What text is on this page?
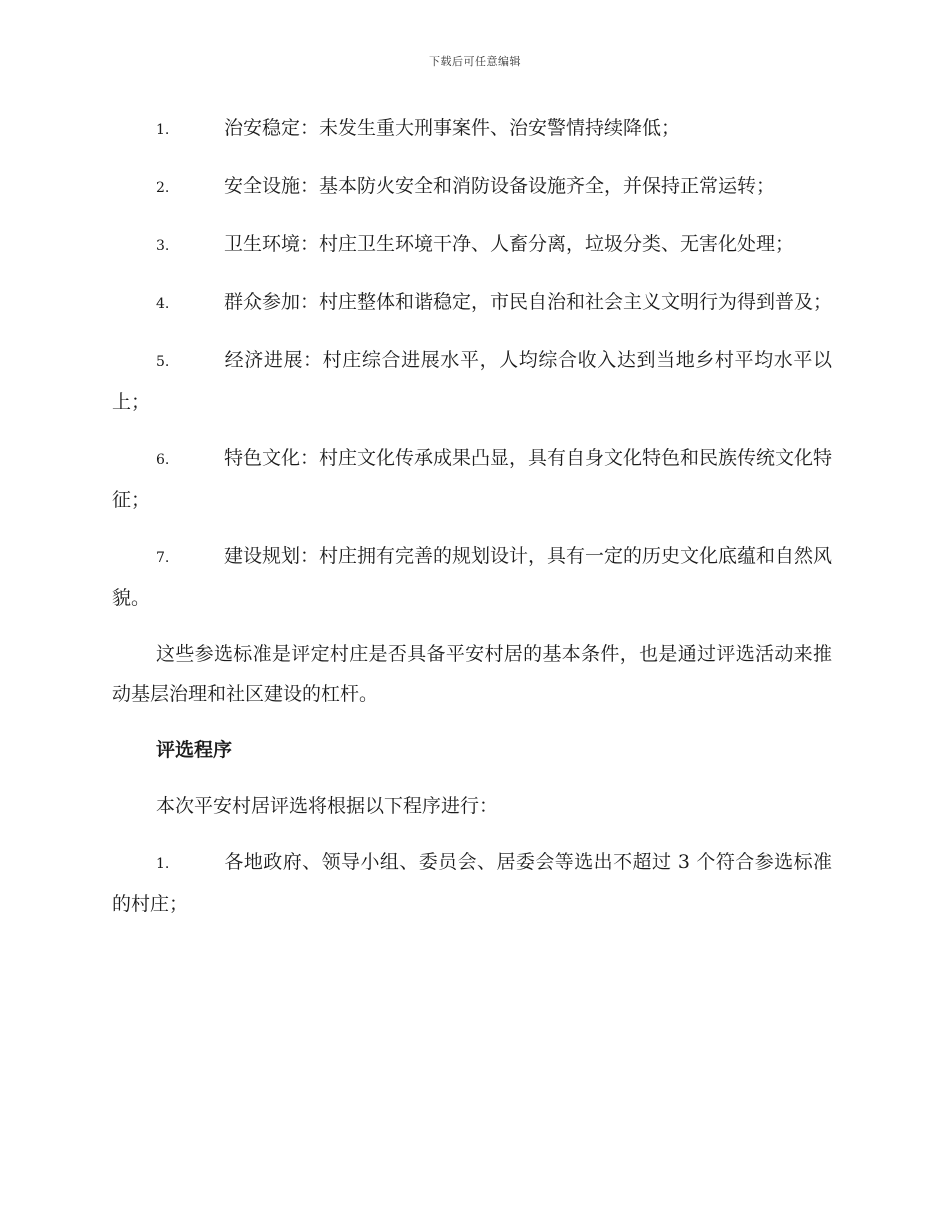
下载后可任意编辑
1.	治安稳定：未发生重大刑事案件、治安警情持续降低；
2.	安全设施：基本防火安全和消防设备设施齐全，并保持正常运转；
3.	卫生环境：村庄卫生环境干净、人畜分离，垃圾分类、无害化处理；
4.	群众参加：村庄整体和谐稳定，市民自治和社会主义文明行为得到普及；
5.	经济进展：村庄综合进展水平，人均综合收入达到当地乡村平均水平以上；
6.	特色文化：村庄文化传承成果凸显，具有自身文化特色和民族传统文化特征；
7.	建设规划：村庄拥有完善的规划设计，具有一定的历史文化底蕴和自然风貌。

这些参选标准是评定村庄是否具备平安村居的基本条件，也是通过评选活动来推动基层治理和社区建设的杠杆。

评选程序

本次平安村居评选将根据以下程序进行：

1.	各地政府、领导小组、委员会、居委会等选出不超过 3 个符合参选标准的村庄；
